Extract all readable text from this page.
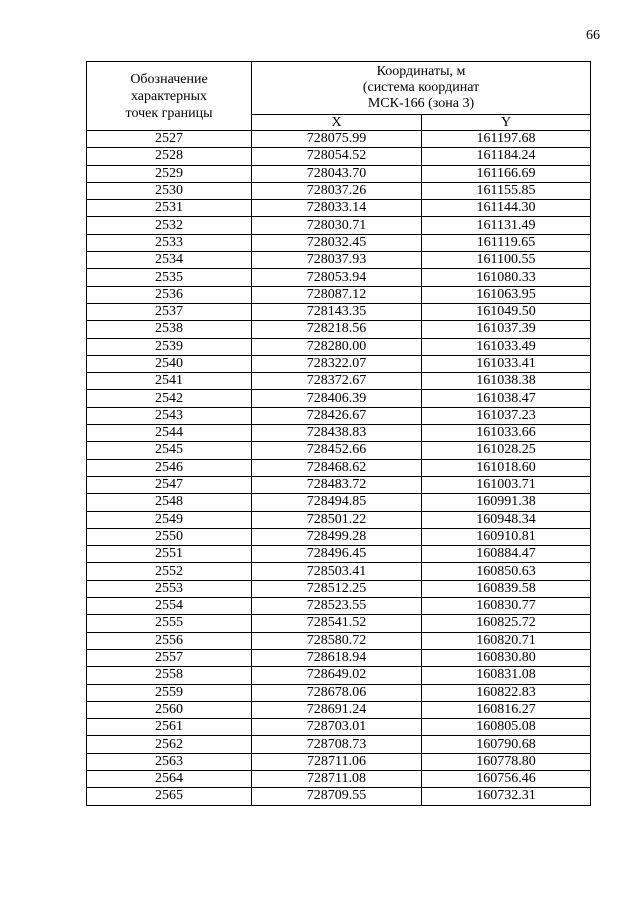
66
Обозначение
характерных
точек границы	Координаты, м
(система координат
МСК-166 (зона 3)	
	X	Y
2527	728075.99	161197.68
2528	728054.52	161184.24
2529	728043.70	161166.69
2530	728037.26	161155.85
2531	728033.14	161144.30
2532	728030.71	161131.49
2533	728032.45	161119.65
2534	728037.93	161100.55
2535	728053.94	161080.33
2536	728087.12	161063.95
2537	728143.35	161049.50
2538	728218.56	161037.39
2539	728280.00	161033.49
2540	728322.07	161033.41
2541	728372.67	161038.38
2542	728406.39	161038.47
2543	728426.67	161037.23
2544	728438.83	161033.66
2545	728452.66	161028.25
2546	728468.62	161018.60
2547	728483.72	161003.71
2548	728494.85	160991.38
2549	728501.22	160948.34
2550	728499.28	160910.81
2551	728496.45	160884.47
2552	728503.41	160850.63
2553	728512.25	160839.58
2554	728523.55	160830.77
2555	728541.52	160825.72
2556	728580.72	160820.71
2557	728618.94	160830.80
2558	728649.02	160831.08
2559	728678.06	160822.83
2560	728691.24	160816.27
2561	728703.01	160805.08
2562	728708.73	160790.68
2563	728711.06	160778.80
2564	728711.08	160756.46
2565	728709.55	160732.31
